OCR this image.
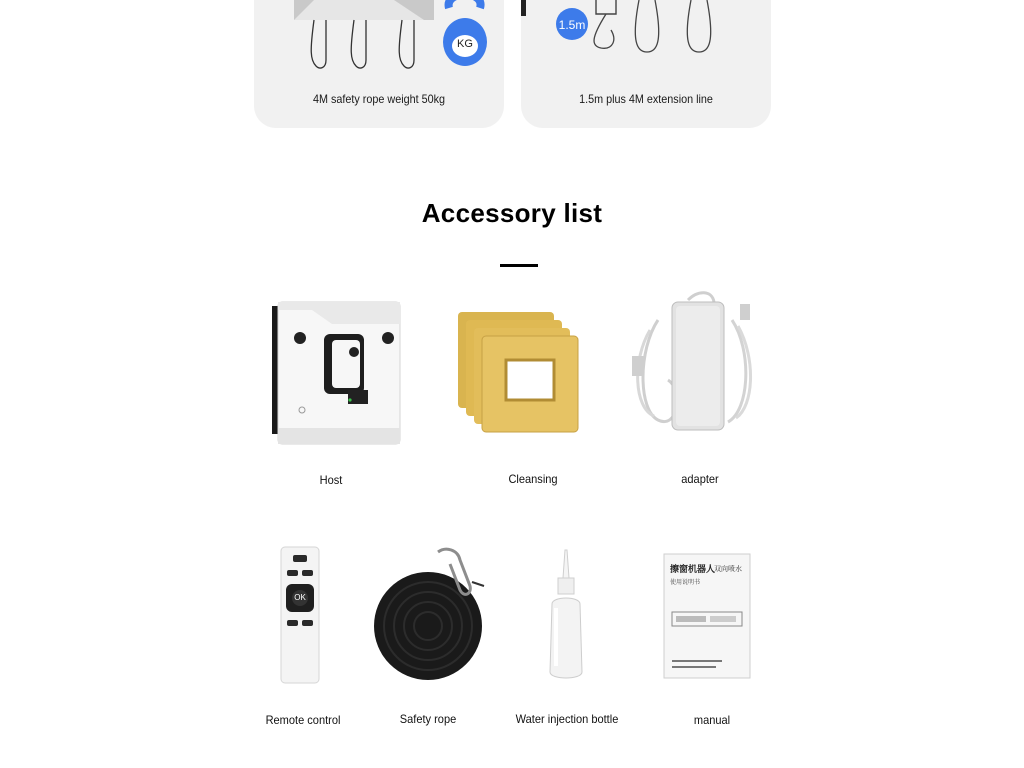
KG
4M safety rope weight 50kg
1.5m
1.5m plus 4M extension line
Accessory list
Host	Cleansing	adapter
OK
Remote control	Safety rope	Water injection bottle
擦窗机器人
双向喷水
使用说明书
manual
